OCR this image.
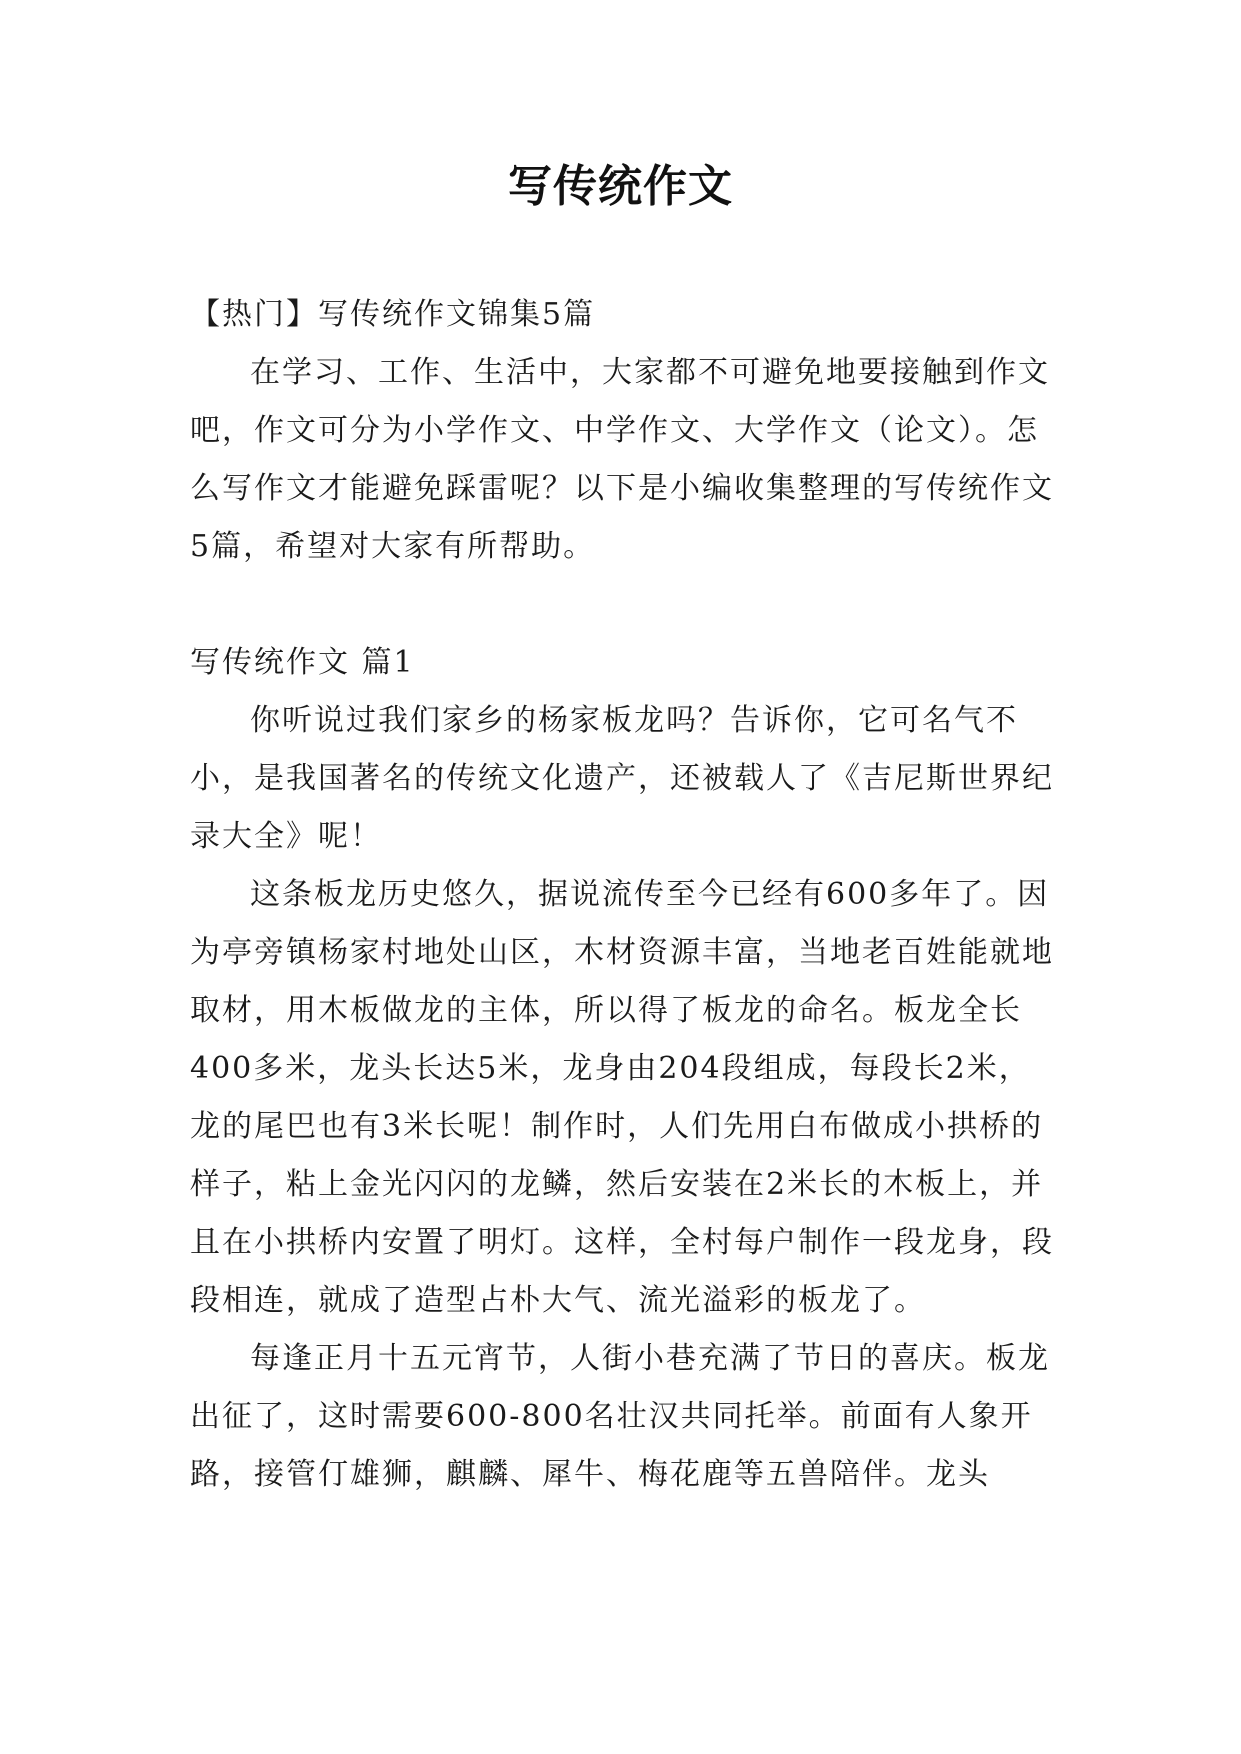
写传统作文

【热门】写传统作文锦集5篇

在学习、工作、生活中，大家都不可避免地要接触到作文吧，作文可分为小学作文、中学作文、大学作文（论文）。怎么写作文才能避免踩雷呢？以下是小编收集整理的写传统作文5篇，希望对大家有所帮助。

写传统作文 篇1

你听说过我们家乡的杨家板龙吗？告诉你，它可名气不小，是我国著名的传统文化遗产，还被载人了《吉尼斯世界纪录大全》呢！

这条板龙历史悠久，据说流传至今已经有600多年了。因为亭旁镇杨家村地处山区，木材资源丰富，当地老百姓能就地取材，用木板做龙的主体，所以得了板龙的命名。板龙全长400多米，龙头长达5米，龙身由204段组成，每段长2米，龙的尾巴也有3米长呢！制作时，人们先用白布做成小拱桥的样子，粘上金光闪闪的龙鳞，然后安装在2米长的木板上，并且在小拱桥内安置了明灯。这样，全村每户制作一段龙身，段段相连，就成了造型占朴大气、流光溢彩的板龙了。

每逢正月十五元宵节，人街小巷充满了节日的喜庆。板龙出征了，这时需要600-800名壮汉共同托举。前面有人象开路，接管仃雄狮，麒麟、犀牛、梅花鹿等五兽陪伴。龙头
